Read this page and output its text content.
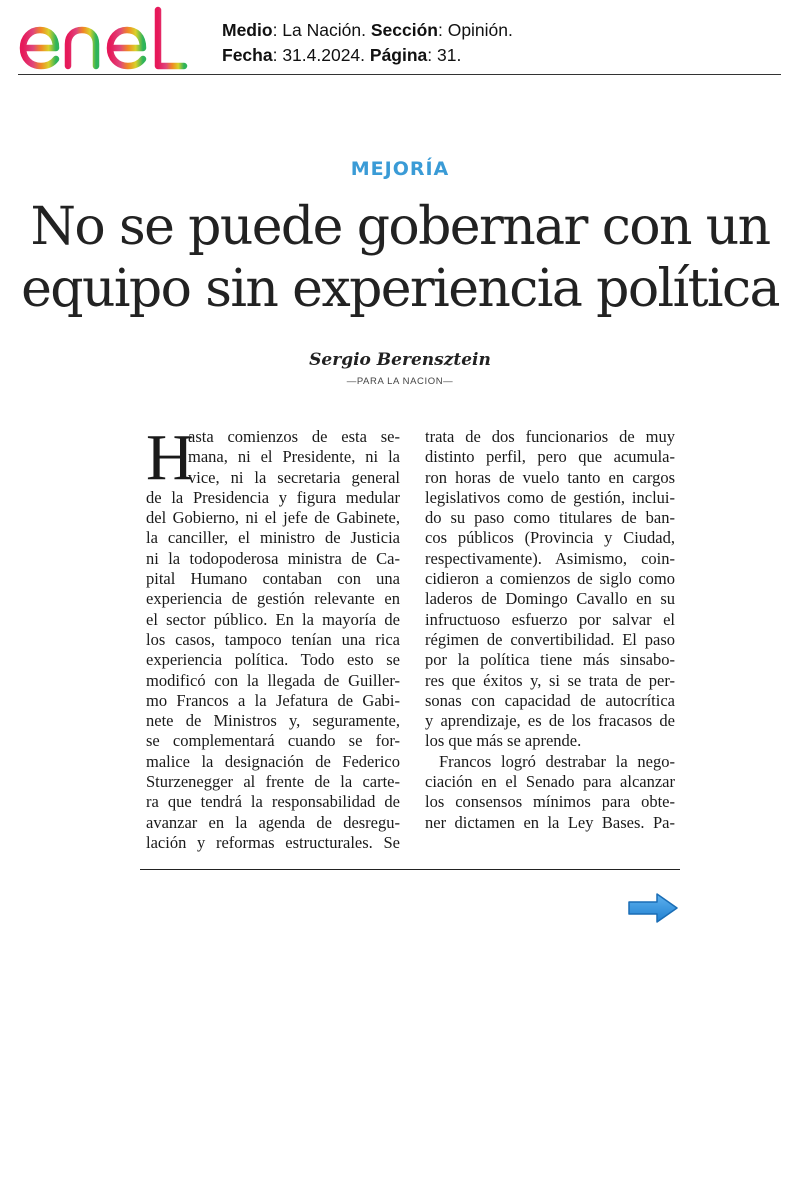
Medio: La Nación. Sección: Opinión.
Fecha: 31.4.2024. Página: 31.
MEJORÍA
No se puede gobernar con un
equipo sin experiencia política
Sergio Berensztein
—PARA LA NACION—
H
asta comienzos de esta se-
mana, ni el Presidente, ni la
vice, ni la secretaria general
de la Presidencia y figura medular
del Gobierno, ni el jefe de Gabinete,
la canciller, el ministro de Justicia
ni la todopoderosa ministra de Ca-
pital Humano contaban con una
experiencia de gestión relevante en
el sector público. En la mayoría de
los casos, tampoco tenían una rica
experiencia política. Todo esto se
modificó con la llegada de Guiller-
mo Francos a la Jefatura de Gabi-
nete de Ministros y, seguramente,
se complementará cuando se for-
malice la designación de Federico
Sturzenegger al frente de la carte-
ra que tendrá la responsabilidad de
avanzar en la agenda de desregu-
lación y reformas estructurales. Se
trata de dos funcionarios de muy
distinto perfil, pero que acumula-
ron horas de vuelo tanto en cargos
legislativos como de gestión, inclui-
do su paso como titulares de ban-
cos públicos (Provincia y Ciudad,
respectivamente). Asimismo, coin-
cidieron a comienzos de siglo como
laderos de Domingo Cavallo en su
infructuoso esfuerzo por salvar el
régimen de convertibilidad. El paso
por la política tiene más sinsabo-
res que éxitos y, si se trata de per-
sonas con capacidad de autocrítica
y aprendizaje, es de los fracasos de
los que más se aprende.
Francos logró destrabar la nego-
ciación en el Senado para alcanzar
los consensos mínimos para obte-
ner dictamen en la Ley Bases. Pa-
